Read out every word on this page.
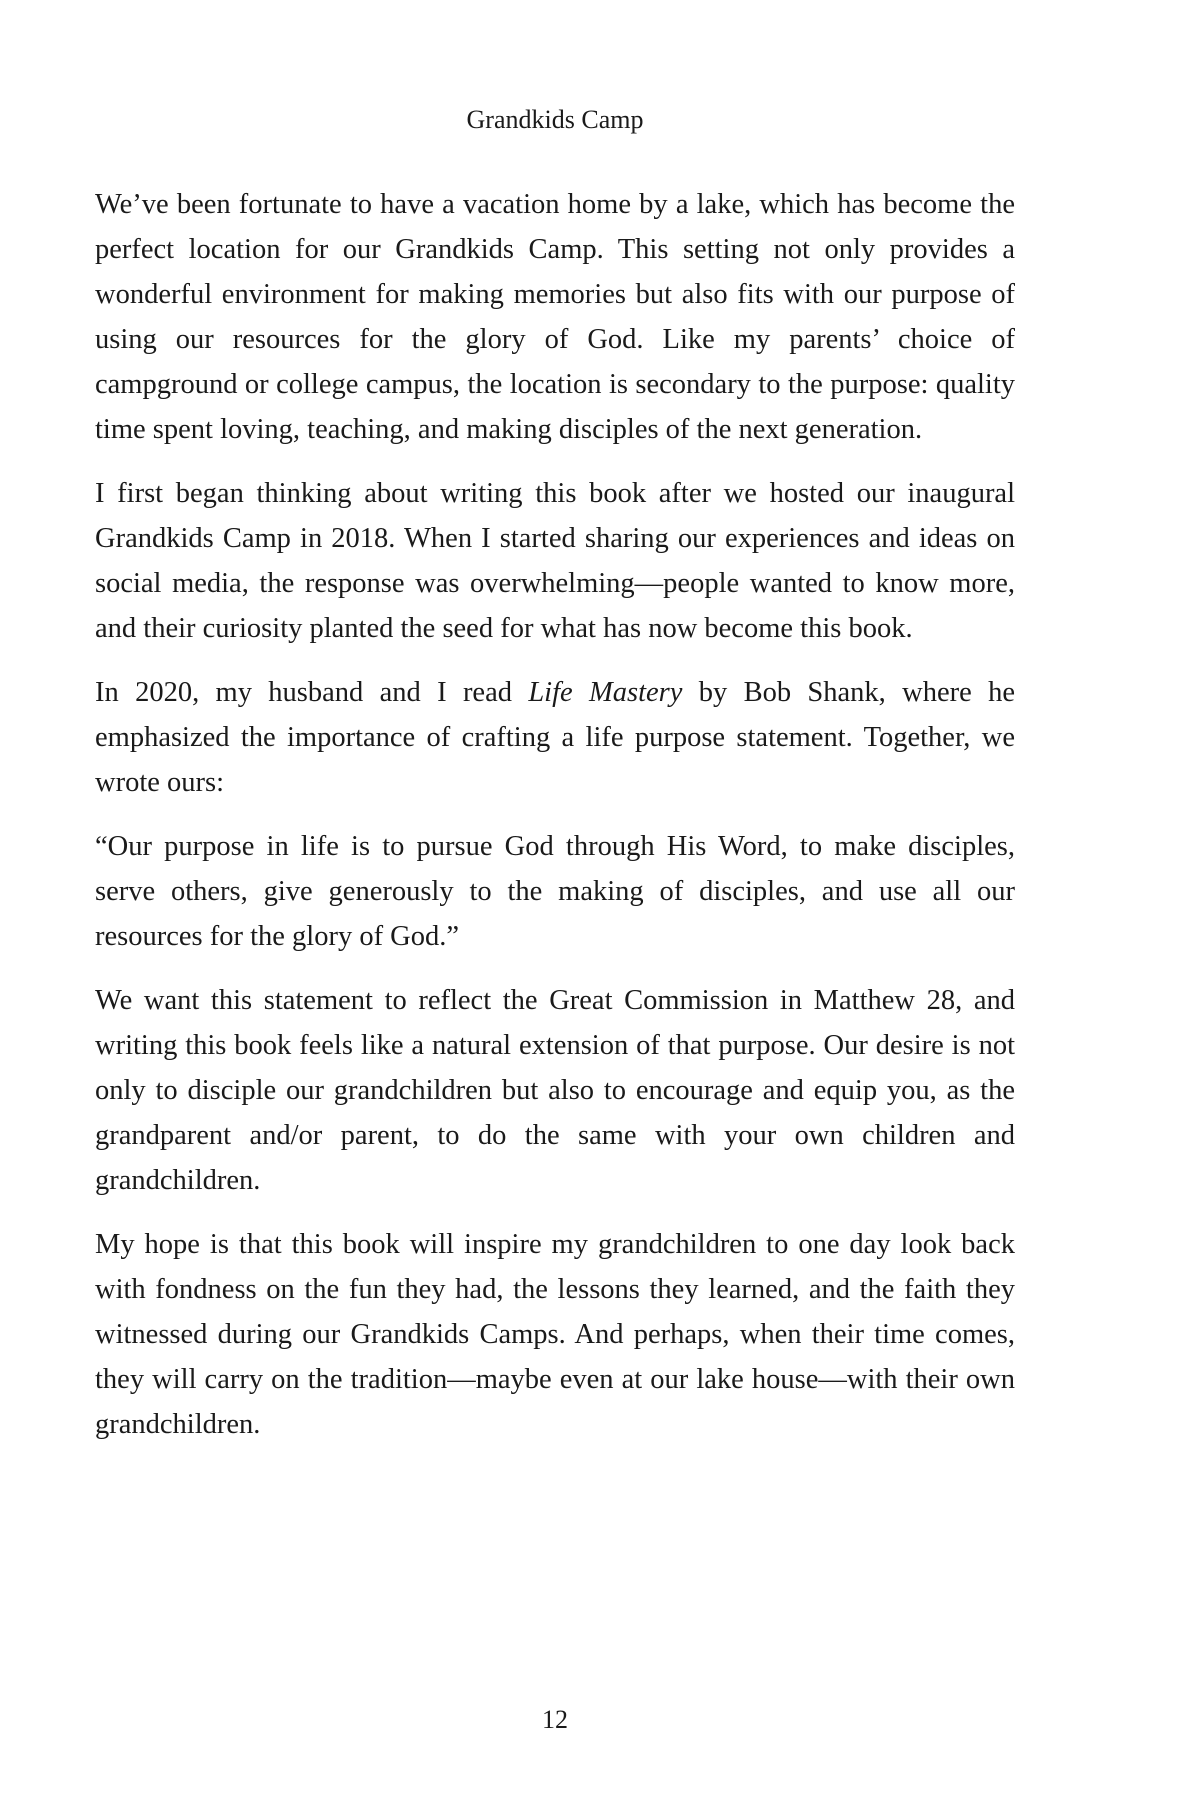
Grandkids Camp

We’ve been fortunate to have a vacation home by a lake, which has become the perfect location for our Grandkids Camp. This setting not only provides a wonderful environment for making memories but also fits with our purpose of using our resources for the glory of God. Like my parents’ choice of campground or college campus, the location is secondary to the purpose: quality time spent loving, teaching, and making disciples of the next generation.

I first began thinking about writing this book after we hosted our inaugural Grandkids Camp in 2018. When I started sharing our experiences and ideas on social media, the response was overwhelming—people wanted to know more, and their curiosity planted the seed for what has now become this book.

In 2020, my husband and I read Life Mastery by Bob Shank, where he emphasized the importance of crafting a life purpose statement. Together, we wrote ours:

“Our purpose in life is to pursue God through His Word, to make disciples, serve others, give generously to the making of disciples, and use all our resources for the glory of God.”

We want this statement to reflect the Great Commission in Matthew 28, and writing this book feels like a natural extension of that purpose. Our desire is not only to disciple our grandchildren but also to encourage and equip you, as the grandparent and/or parent, to do the same with your own children and grandchildren.

My hope is that this book will inspire my grandchildren to one day look back with fondness on the fun they had, the lessons they learned, and the faith they witnessed during our Grandkids Camps. And perhaps, when their time comes, they will carry on the tradition—maybe even at our lake house—with their own grandchildren.

12
